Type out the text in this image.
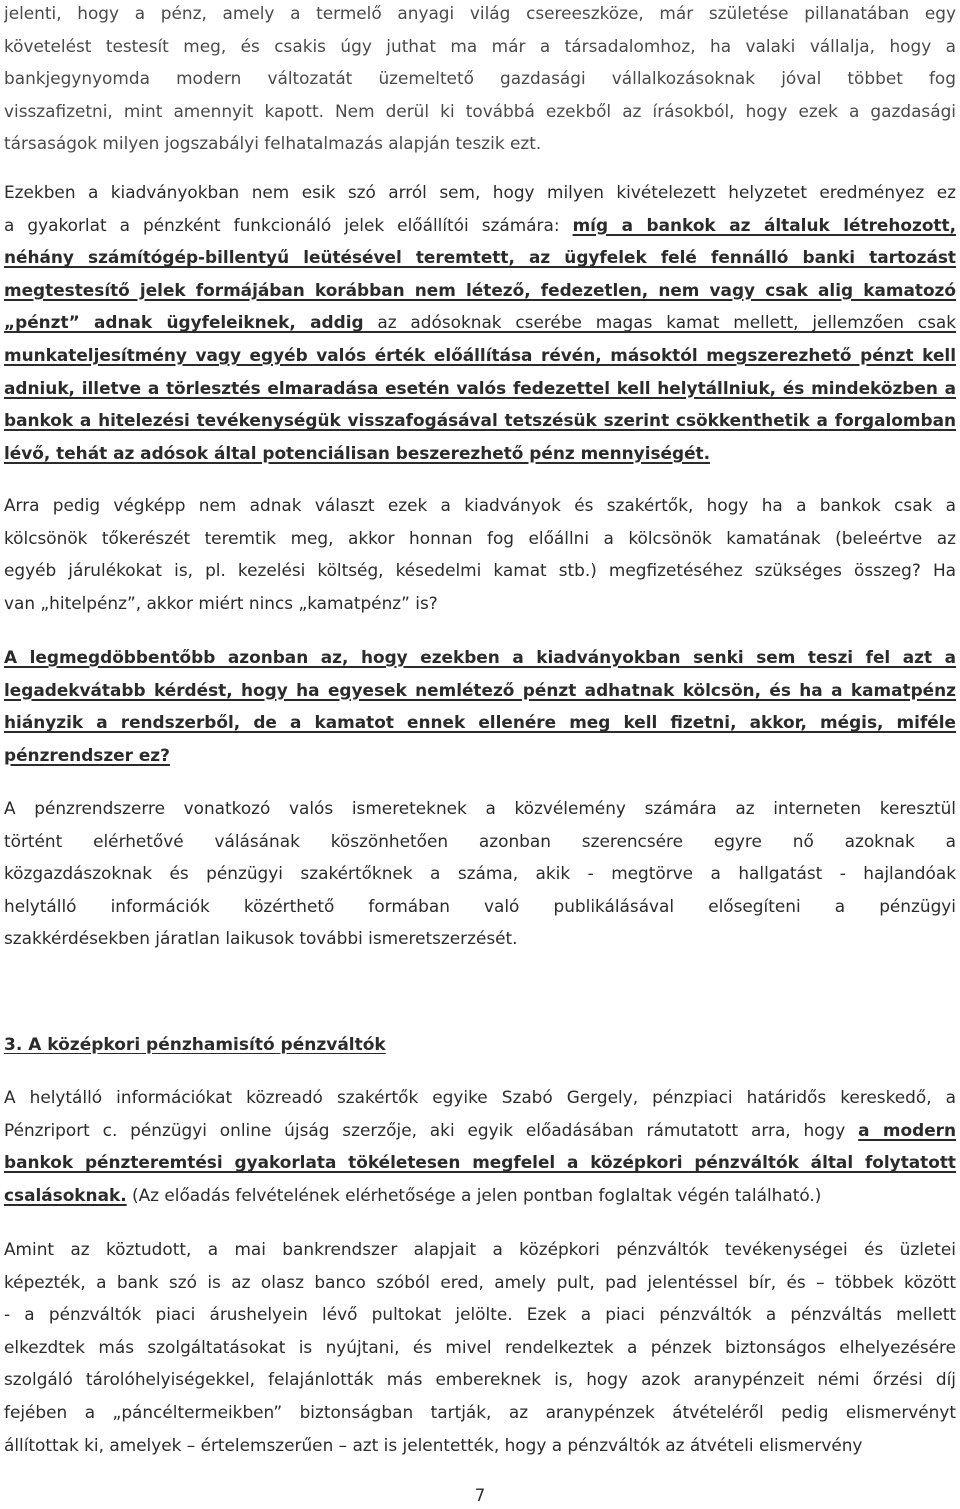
jelenti, hogy a pénz, amely a termelő anyagi világ csereeszköze, már születése pillanatában egy
követelést testesít meg, és csakis úgy juthat ma már a társadalomhoz, ha valaki vállalja, hogy a
bankjegynyomda modern változatát üzemeltető gazdasági vállalkozásoknak jóval többet fog
visszafizetni, mint amennyit kapott. Nem derül ki továbbá ezekből az írásokból, hogy ezek a gazdasági
társaságok milyen jogszabályi felhatalmazás alapján teszik ezt.
Ezekben a kiadványokban nem esik szó arról sem, hogy milyen kivételezett helyzetet eredményez ez
a gyakorlat a pénzként funkcionáló jelek előállítói számára: míg a bankok az általuk létrehozott,
néhány számítógép-billentyű leütésével teremtett, az ügyfelek felé fennálló banki tartozást
megtestesítő jelek formájában korábban nem létező, fedezetlen, nem vagy csak alig kamatozó
„pénzt” adnak ügyfeleiknek, addig az adósoknak cserébe magas kamat mellett, jellemzően csak
munkateljesítmény vagy egyéb valós érték előállítása révén, másoktól megszerezhető pénzt kell
adniuk, illetve a törlesztés elmaradása esetén valós fedezettel kell helytállniuk, és mindeközben a
bankok a hitelezési tevékenységük visszafogásával tetszésük szerint csökkenthetik a forgalomban
lévő, tehát az adósok által potenciálisan beszerezhető pénz mennyiségét.
Arra pedig végképp nem adnak választ ezek a kiadványok és szakértők, hogy ha a bankok csak a
kölcsönök tőkerészét teremtik meg, akkor honnan fog előállni a kölcsönök kamatának (beleértve az
egyéb járulékokat is, pl. kezelési költség, késedelmi kamat stb.) megfizetéséhez szükséges összeg? Ha
van „hitelpénz”, akkor miért nincs „kamatpénz” is?
A legmegdöbbentőbb azonban az, hogy ezekben a kiadványokban senki sem teszi fel azt a
legadekvátabb kérdést, hogy ha egyesek nemlétező pénzt adhatnak kölcsön, és ha a kamatpénz
hiányzik a rendszerből, de a kamatot ennek ellenére meg kell fizetni, akkor, mégis, miféle
pénzrendszer ez?
A pénzrendszerre vonatkozó valós ismereteknek a közvélemény számára az interneten keresztül
történt elérhetővé válásának köszönhetően azonban szerencsére egyre nő azoknak a
közgazdászoknak és pénzügyi szakértőknek a száma, akik - megtörve a hallgatást - hajlandóak
helytálló információk közérthető formában való publikálásával elősegíteni a pénzügyi
szakkérdésekben járatlan laikusok további ismeretszerzését.
3. A középkori pénzhamisító pénzváltók
A helytálló információkat közreadó szakértők egyike Szabó Gergely, pénzpiaci határidős kereskedő, a
Pénzriport c. pénzügyi online újság szerzője, aki egyik előadásában rámutatott arra, hogy a modern
bankok pénzteremtési gyakorlata tökéletesen megfelel a középkori pénzváltók által folytatott
csalásoknak. (Az előadás felvételének elérhetősége a jelen pontban foglaltak végén található.)
Amint az köztudott, a mai bankrendszer alapjait a középkori pénzváltók tevékenységei és üzletei
képezték, a bank szó is az olasz banco szóból ered, amely pult, pad jelentéssel bír, és – többek között
- a pénzváltók piaci árushelyein lévő pultokat jelölte. Ezek a piaci pénzváltók a pénzváltás mellett
elkezdtek más szolgáltatásokat is nyújtani, és mivel rendelkeztek a pénzek biztonságos elhelyezésére
szolgáló tárolóhelyiségekkel, felajánlották más embereknek is, hogy azok aranypénzeit némi őrzési díj
fejében a „páncéltermeikben” biztonságban tartják, az aranypénzek átvételéről pedig elismervényt
állítottak ki, amelyek – értelemszerűen – azt is jelentették, hogy a pénzváltók az átvételi elismervény
7
